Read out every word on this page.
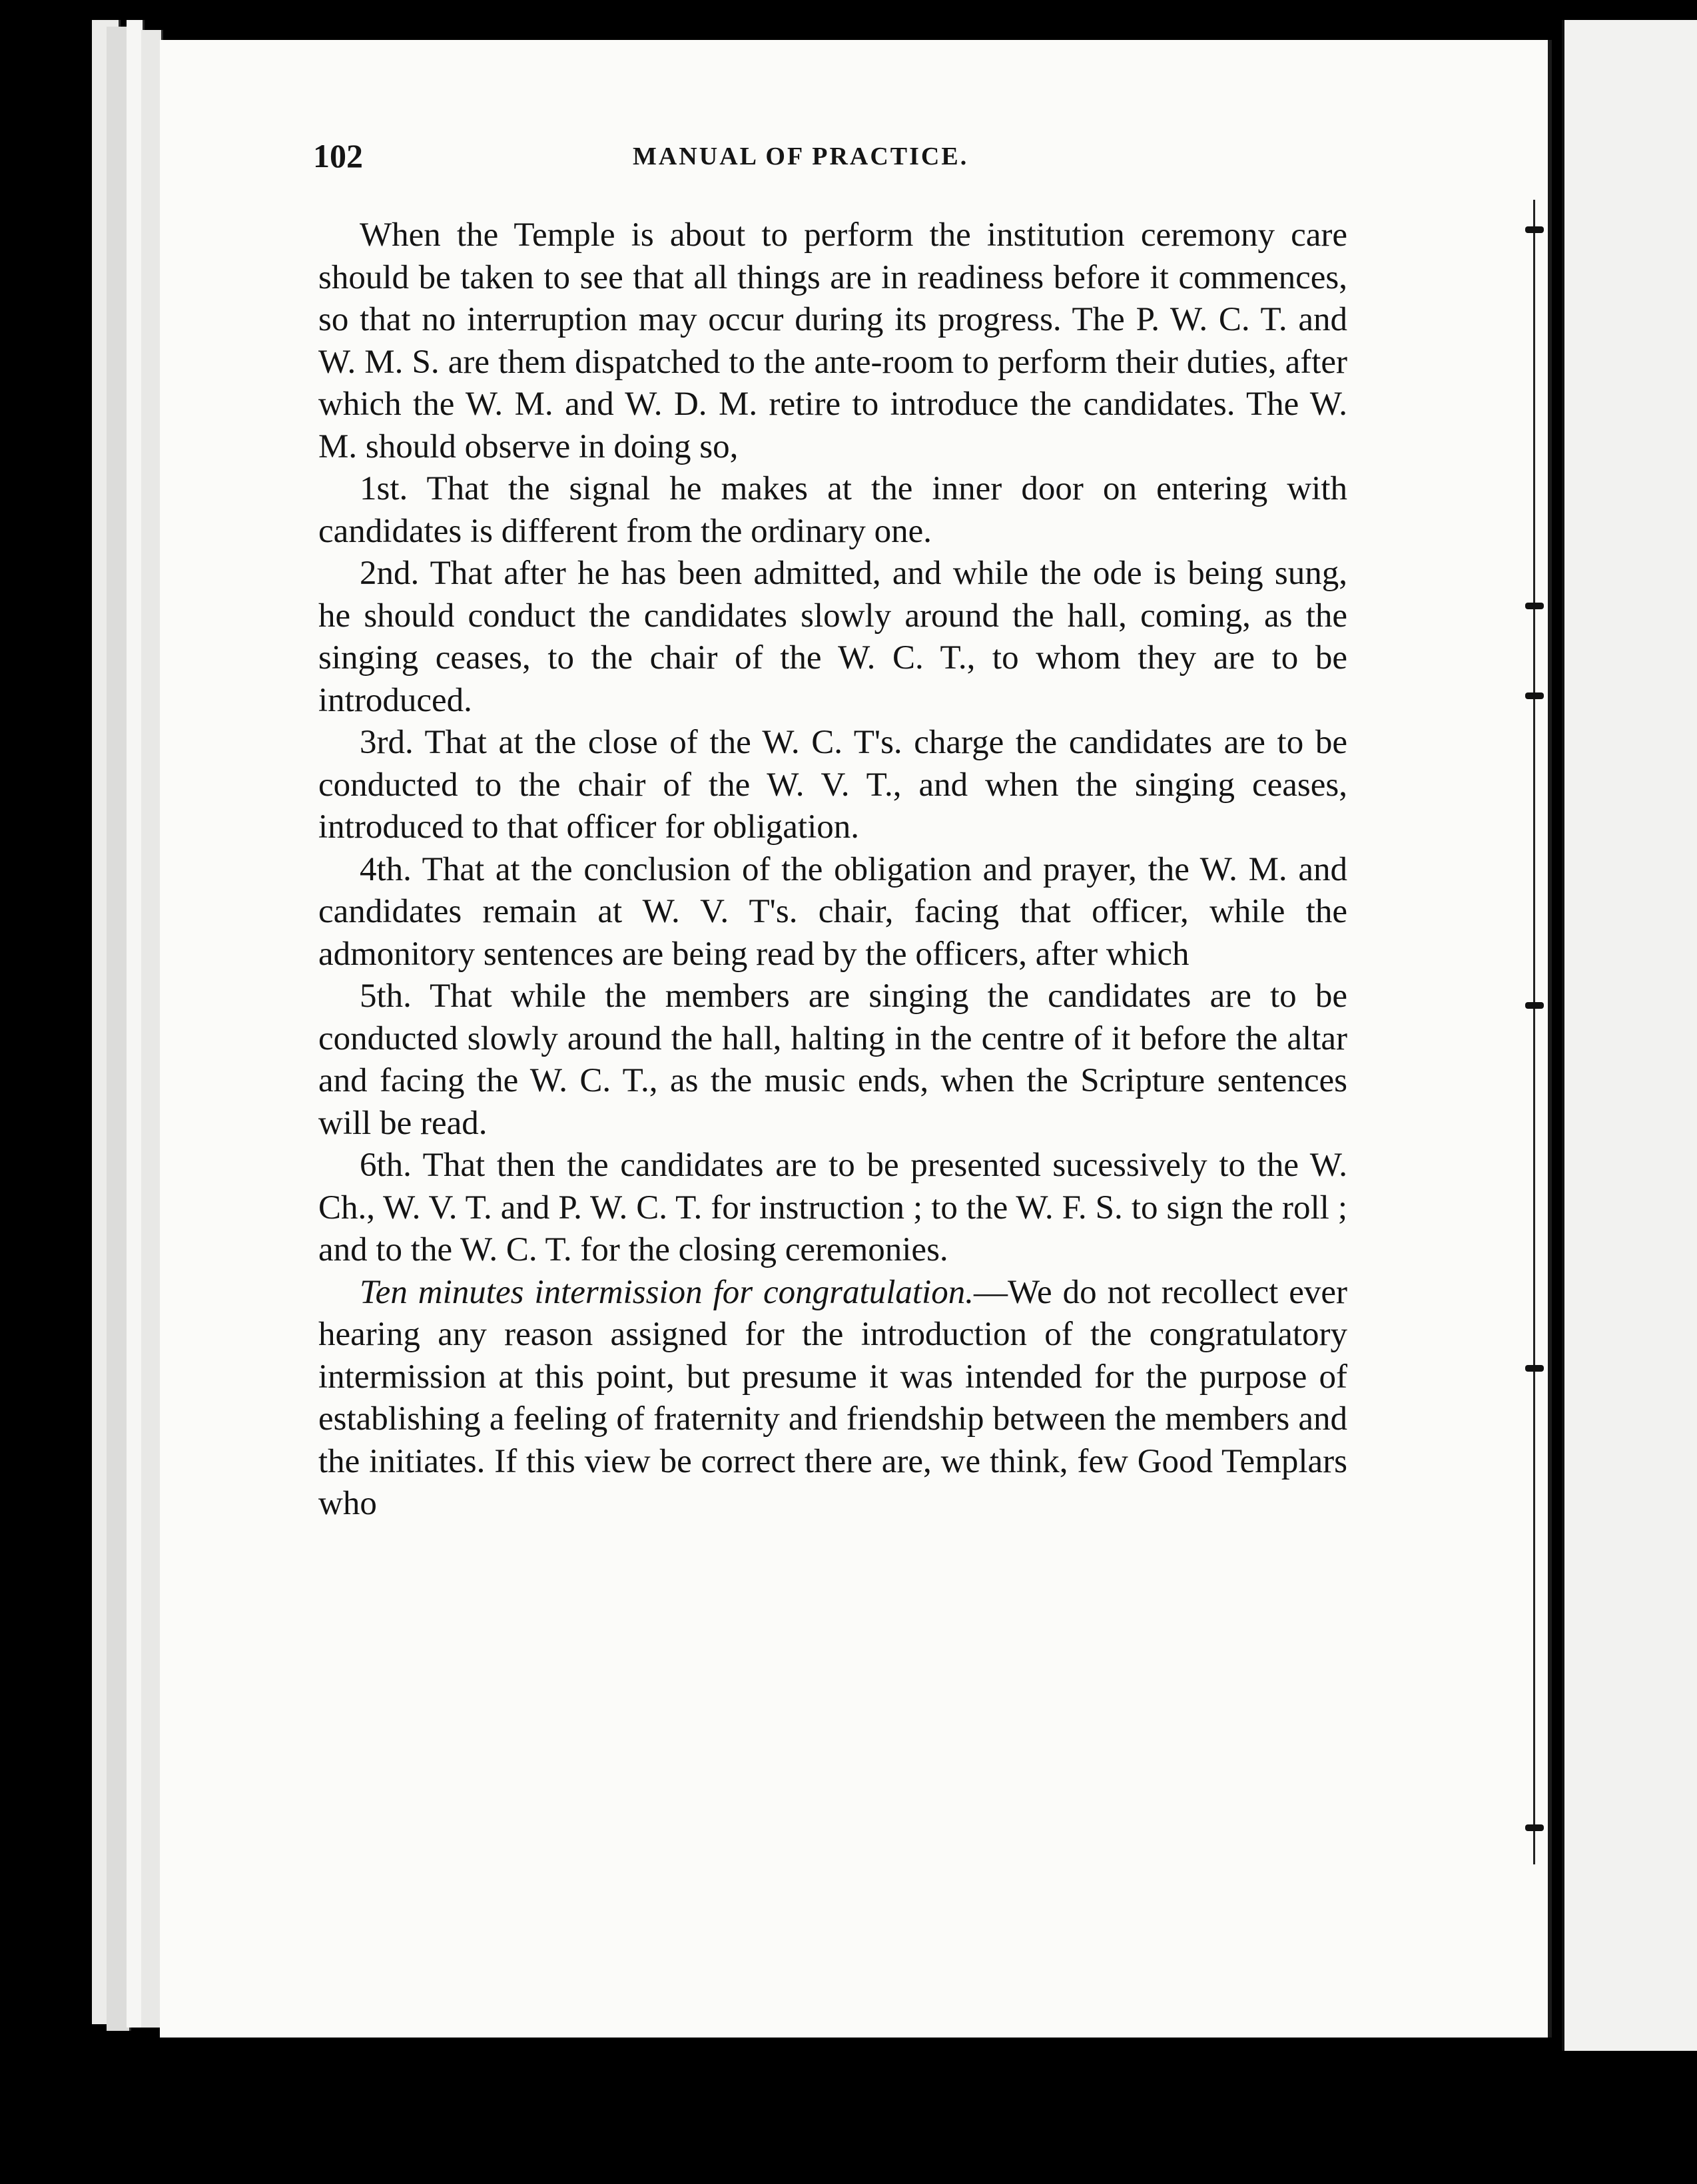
102	MANUAL OF PRACTICE.

When the Temple is about to perform the institution ceremony care should be taken to see that all things are in readiness before it commences, so that no interruption may occur during its progress. The P. W. C. T. and W. M. S. are them dispatched to the ante-room to perform their duties, after which the W. M. and W. D. M. retire to introduce the candidates. The W. M. should observe in doing so,

1st. That the signal he makes at the inner door on entering with candidates is different from the ordinary one.

2nd. That after he has been admitted, and while the ode is being sung, he should conduct the candidates slowly around the hall, coming, as the singing ceases, to the chair of the W. C. T., to whom they are to be introduced.

3rd. That at the close of the W. C. T's. charge the candidates are to be conducted to the chair of the W. V. T., and when the singing ceases, introduced to that officer for obligation.

4th. That at the conclusion of the obligation and prayer, the W. M. and candidates remain at W. V. T's. chair, facing that officer, while the admonitory sentences are being read by the officers, after which

5th. That while the members are singing the candidates are to be conducted slowly around the hall, halting in the centre of it before the altar and facing the W. C. T., as the music ends, when the Scripture sentences will be read.

6th. That then the candidates are to be presented sucessively to the W. Ch., W. V. T. and P. W. C. T. for instruction ; to the W. F. S. to sign the roll ; and to the W. C. T. for the closing ceremonies.

Ten minutes intermission for congratulation.—We do not recollect ever hearing any reason assigned for the introduction of the congratulatory intermission at this point, but presume it was intended for the purpose of establishing a feeling of fraternity and friendship between the members and the initiates. If this view be correct there are, we think, few Good Templars who
